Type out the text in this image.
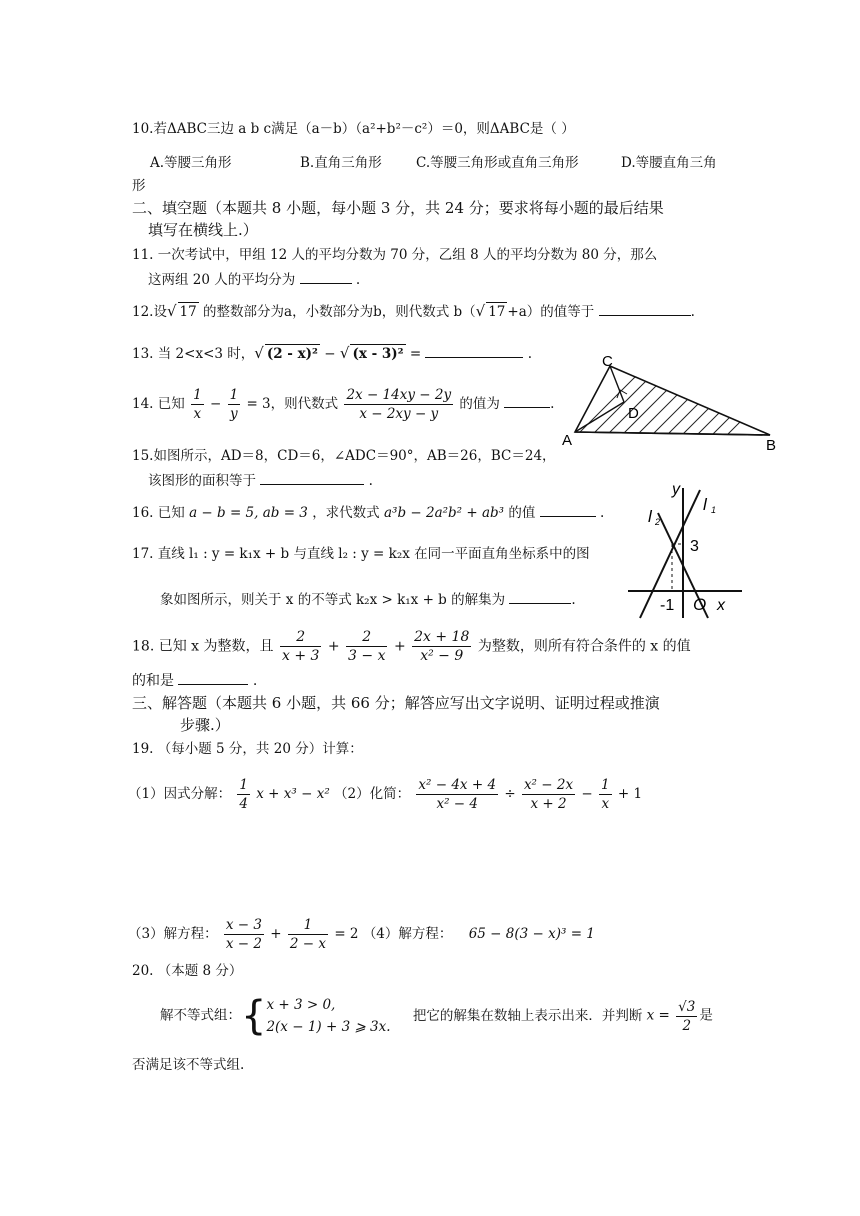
10.若ΔABC三边 a b c满足（a－b）（a²+b²－c²）＝0，则ΔABC是（ ）
A.等腰三角形	B.直角三角形	C.等腰三角形或直角三角形	D.等腰直角三角
形
二、填空题（本题共 8 小题，每小题 3 分，共 24 分；要求将每小题的最后结果
填写在横线上.）
11. 一次考试中，甲组 12 人的平均分数为 70 分，乙组 8 人的平均分数为 80 分，那么
这两组 20 人的平均分为	.
12.设√ 17 的整数部分为a，小数部分为b，则代数式 b（√ 17 +a）的值等于	.
13. 当 2<x<3 时，√ (2 - x)² − √ (x - 3)² =	.
14. 已知 $\frac{1}{x} - \frac{1}{y} = 3$，则代数式 $\frac{2x - 14xy - 2y}{x - 2xy - y}$ 的值为	.
A	B
C
D
15.如图所示，AD＝8，CD＝6，∠ADC＝90°，AB＝26，BC＝24，
该图形的面积等于	.
16. 已知 a − b = 5, ab = 3 ，求代数式 a³b − 2a²b² + ab³ 的值	.
y
l 1
l 2
3
-1 O x
17. 直线 l₁ : y = k₁x + b 与直线 l₂ : y = k₂x 在同一平面直角坐标系中的图
象如图所示，则关于 x 的不等式 k₂x > k₁x + b 的解集为	.
18. 已知 x 为整数，且 $\frac{2}{x + 3} + \frac{2}{3 - x} + \frac{2x + 18}{\text{x² − 9}}$ 为整数，则所有符合条件的 x 的值
的和是	.
三、解答题（本题共 6 小题，共 66 分；解答应写出文字说明、证明过程或推演
步骤.）
19. （每小题 5 分，共 20 分）计算：
（1）因式分解： $\frac{1}{4}$ x + x³ − x² （2）化简： $\frac{\text{x² − 4x + 4}}{\text{x² − 4}} \div \frac{\text{x² − 2x}}{x + 2} - \frac{1}{x} + 1$
（3）解方程： $\frac{x - 3}{x - 2} + \frac{1}{2 - x} = 2$ （4）解方程： 65 − 8(3 − x)³ = 1
20. （本题 8 分）
解不等式组：{ x + 3 > 0,
2(x − 1) + 3 ⩾ 3x.
把它的解集在数轴上表示出来．并判断 $x = \frac{√3}{2}$ 是
否满足该不等式组.
